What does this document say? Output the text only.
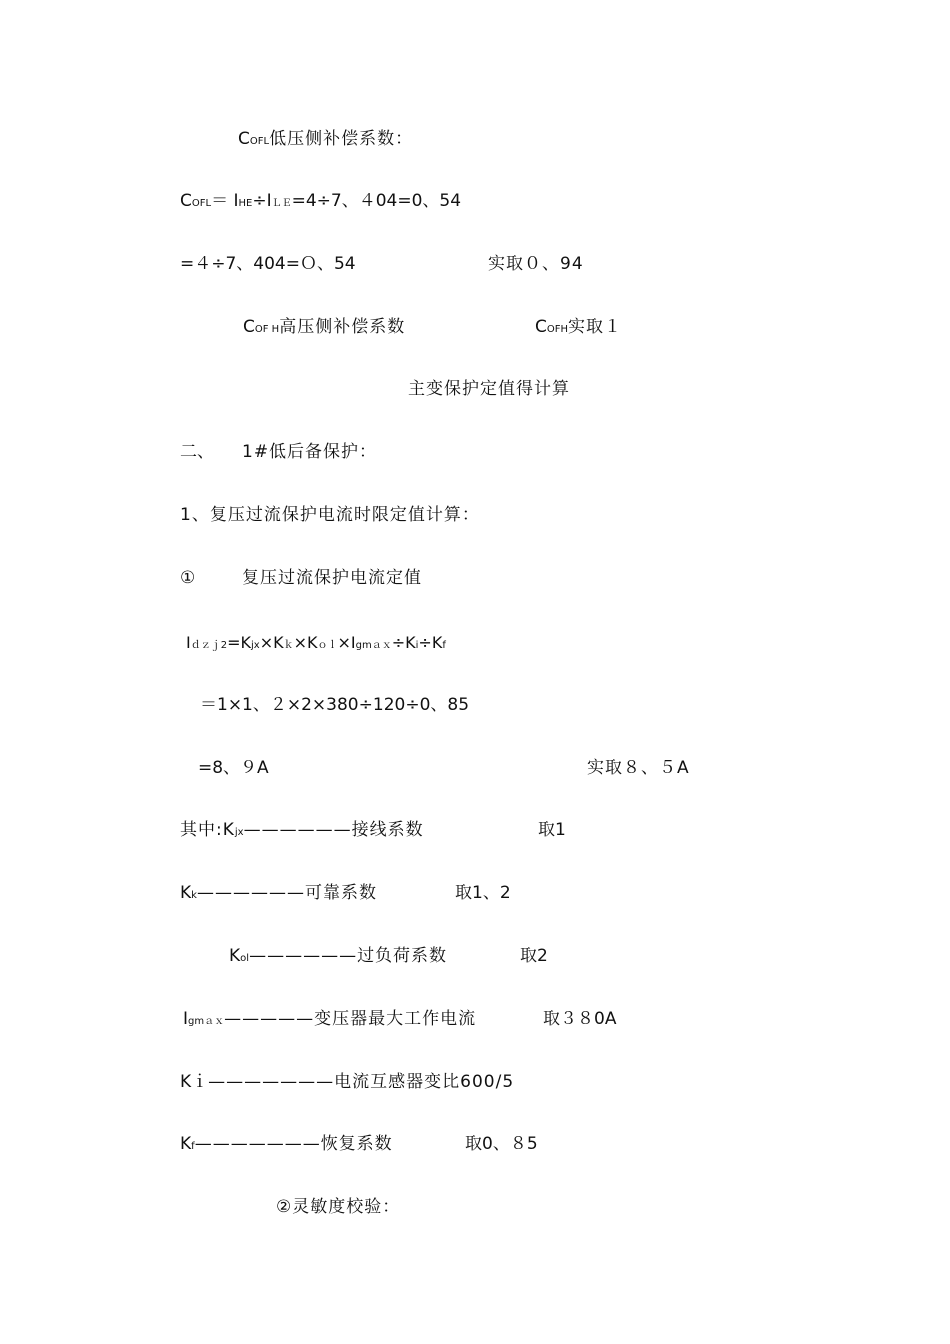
COFL低压侧补偿系数：
COFL＝ IHE÷IＬＥ=4÷7、４04=0、54
=４÷7、404=Ｏ、54	实取０、94
COF H高压侧补偿系数	COFH实取１
主变保护定值得计算
二、 1#低后备保护：
1、复压过流保护电流时限定值计算：
①	复压过流保护电流定值
Iｄｚｊ2=Kjx×Kｋ×Kｏｌ×Igmａｘ÷Ki÷Kf
＝1×1、２×2×380÷120÷0、85
=8、９A	实取８、５A
其中:Kjx——————接线系数	取1
Kk——————可靠系数	取1、2
Kol——————过负荷系数	取2
Igmａｘ—————变压器最大工作电流	取３８0A
Kｉ———————电流互感器变比600/5
Kf———————恢复系数	取0、８5
②灵敏度校验：
